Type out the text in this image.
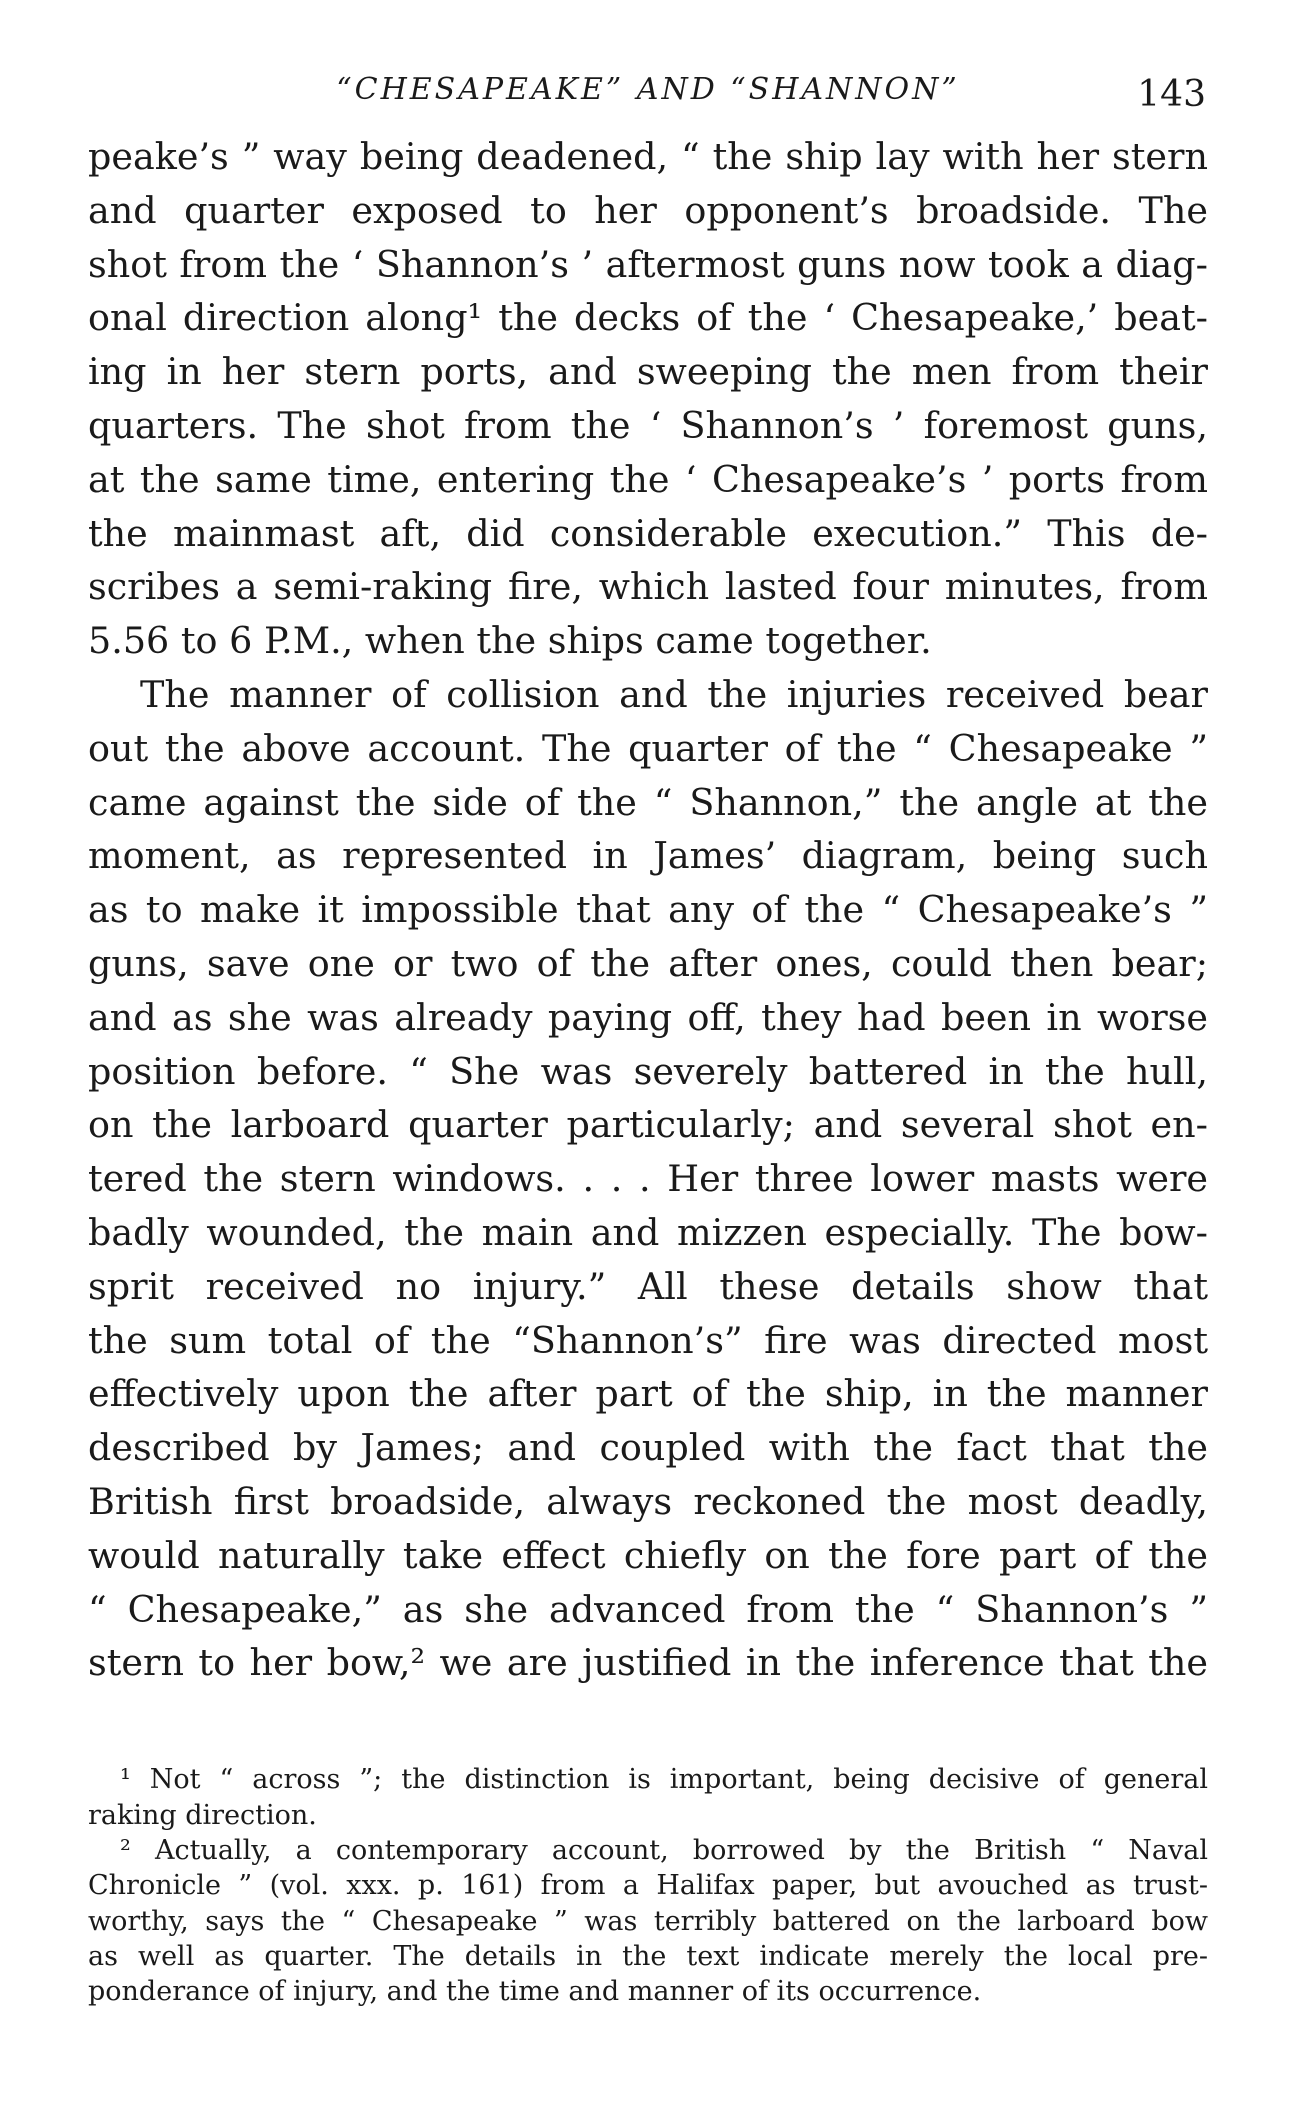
“CHESAPEAKE” AND “SHANNON”	143
peake’s ” way being deadened, “ the ship lay with her stern
and quarter exposed to her opponent’s broadside. The
shot from the ‘ Shannon’s ’ aftermost guns now took a diag-
onal direction along¹ the decks of the ‘ Chesapeake,’ beat-
ing in her stern ports, and sweeping the men from their
quarters. The shot from the ‘ Shannon’s ’ foremost guns,
at the same time, entering the ‘ Chesapeake’s ’ ports from
the mainmast aft, did considerable execution.” This de-
scribes a semi-raking fire, which lasted four minutes, from
5.56 to 6 P.M., when the ships came together.
The manner of collision and the injuries received bear
out the above account. The quarter of the “ Chesapeake ”
came against the side of the “ Shannon,” the angle at the
moment, as represented in James’ diagram, being such
as to make it impossible that any of the “ Chesapeake’s ”
guns, save one or two of the after ones, could then bear;
and as she was already paying off, they had been in worse
position before. “ She was severely battered in the hull,
on the larboard quarter particularly; and several shot en-
tered the stern windows. . . . Her three lower masts were
badly wounded, the main and mizzen especially. The bow-
sprit received no injury.” All these details show that
the sum total of the “Shannon’s” fire was directed most
effectively upon the after part of the ship, in the manner
described by James; and coupled with the fact that the
British first broadside, always reckoned the most deadly,
would naturally take effect chiefly on the fore part of the
“ Chesapeake,” as she advanced from the “ Shannon’s ”
stern to her bow,² we are justified in the inference that the
¹ Not “ across ”; the distinction is important, being decisive of general
raking direction.
² Actually, a contemporary account, borrowed by the British “ Naval
Chronicle ” (vol. xxx. p. 161) from a Halifax paper, but avouched as trust-
worthy, says the “ Chesapeake ” was terribly battered on the larboard bow
as well as quarter. The details in the text indicate merely the local pre-
ponderance of injury, and the time and manner of its occurrence.
